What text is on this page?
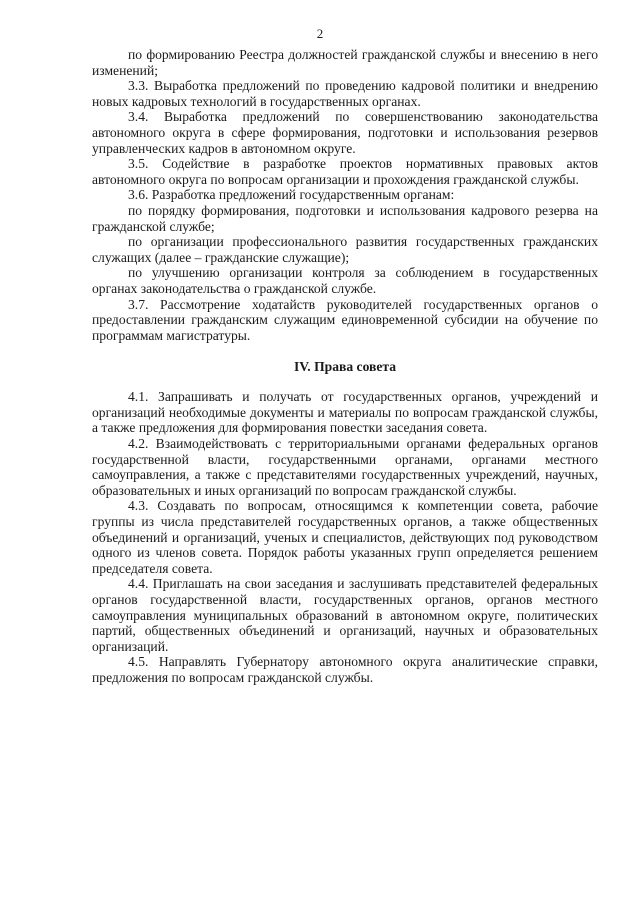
2

по формированию Реестра должностей гражданской службы и внесению в него изменений;

3.3. Выработка предложений по проведению кадровой политики и внедрению новых кадровых технологий в государственных органах.

3.4. Выработка предложений по совершенствованию законодательства автономного округа в сфере формирования, подготовки и использования резервов управленческих кадров в автономном округе.

3.5. Содействие в разработке проектов нормативных правовых актов автономного округа по вопросам организации и прохождения гражданской службы.

3.6. Разработка предложений государственным органам:

по порядку формирования, подготовки и использования кадрового резерва на гражданской службе;

по организации профессионального развития государственных гражданских служащих (далее – гражданские служащие);

по улучшению организации контроля за соблюдением в государственных органах законодательства о гражданской службе.

3.7. Рассмотрение ходатайств руководителей государственных органов о предоставлении гражданским служащим единовременной субсидии на обучение по программам магистратуры.

IV. Права совета

4.1. Запрашивать и получать от государственных органов, учреждений и организаций необходимые документы и материалы по вопросам гражданской службы, а также предложения для формирования повестки заседания совета.

4.2. Взаимодействовать с территориальными органами федеральных органов государственной власти, государственными органами, органами местного самоуправления, а также с представителями государственных учреждений, научных, образовательных и иных организаций по вопросам гражданской службы.

4.3. Создавать по вопросам, относящимся к компетенции совета, рабочие группы из числа представителей государственных органов, а также общественных объединений и организаций, ученых и специалистов, действующих под руководством одного из членов совета. Порядок работы указанных групп определяется решением председателя совета.

4.4. Приглашать на свои заседания и заслушивать представителей федеральных органов государственной власти, государственных органов, органов местного самоуправления муниципальных образований в автономном округе, политических партий, общественных объединений и организаций, научных и образовательных организаций.

4.5. Направлять Губернатору автономного округа аналитические справки, предложения по вопросам гражданской службы.
